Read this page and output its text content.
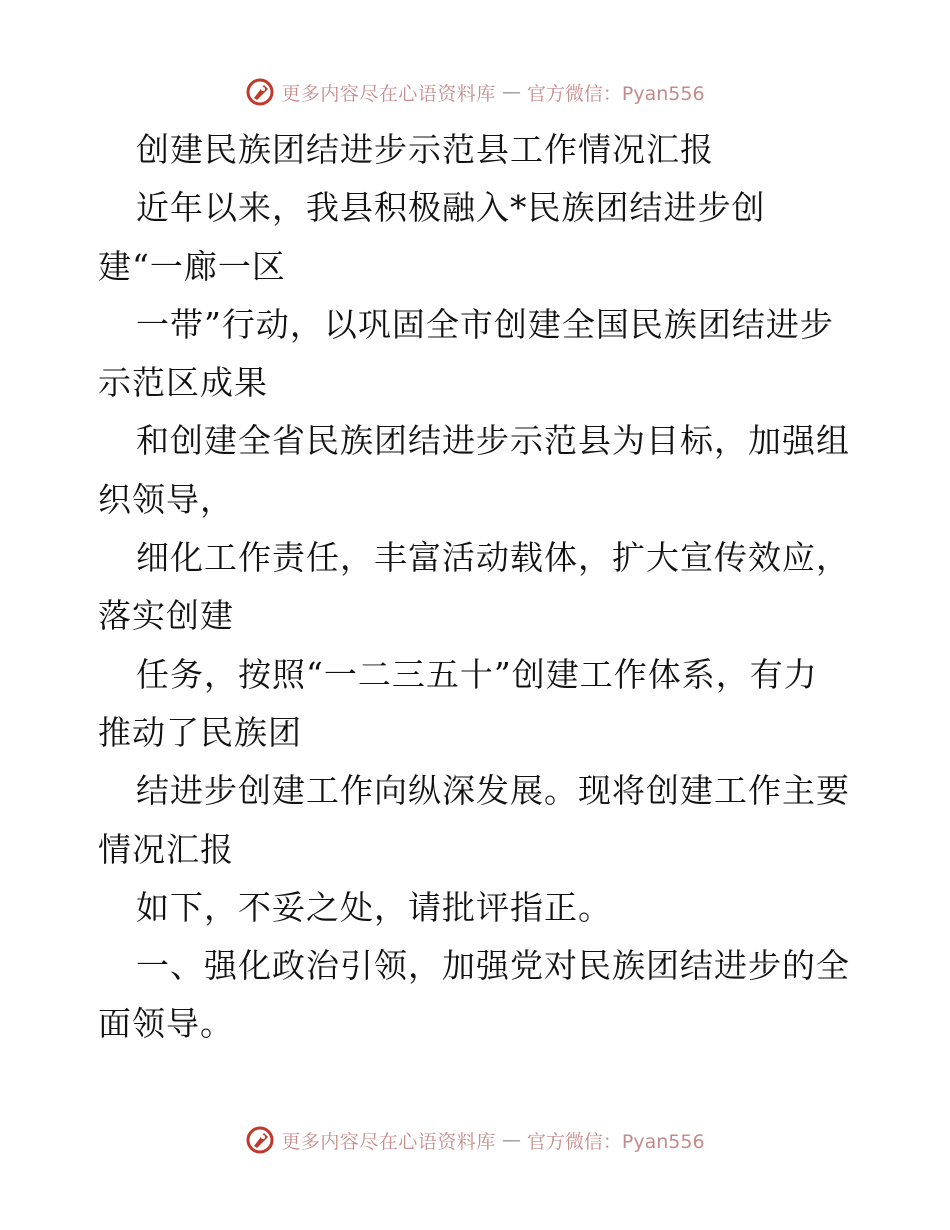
更多内容尽在心语资料库 — 官方微信：Pyan556
创建民族团结进步示范县工作情况汇报
近年以来，我县积极融入*民族团结进步创
建“一廊一区
一带”行动，以巩固全市创建全国民族团结进步
示范区成果
和创建全省民族团结进步示范县为目标，加强组
织领导，
细化工作责任，丰富活动载体，扩大宣传效应，
落实创建
任务，按照“一二三五十”创建工作体系，有力
推动了民族团
结进步创建工作向纵深发展。现将创建工作主要
情况汇报
如下，不妥之处，请批评指正。
一、强化政治引领，加强党对民族团结进步的全
面领导。
更多内容尽在心语资料库 — 官方微信：Pyan556
